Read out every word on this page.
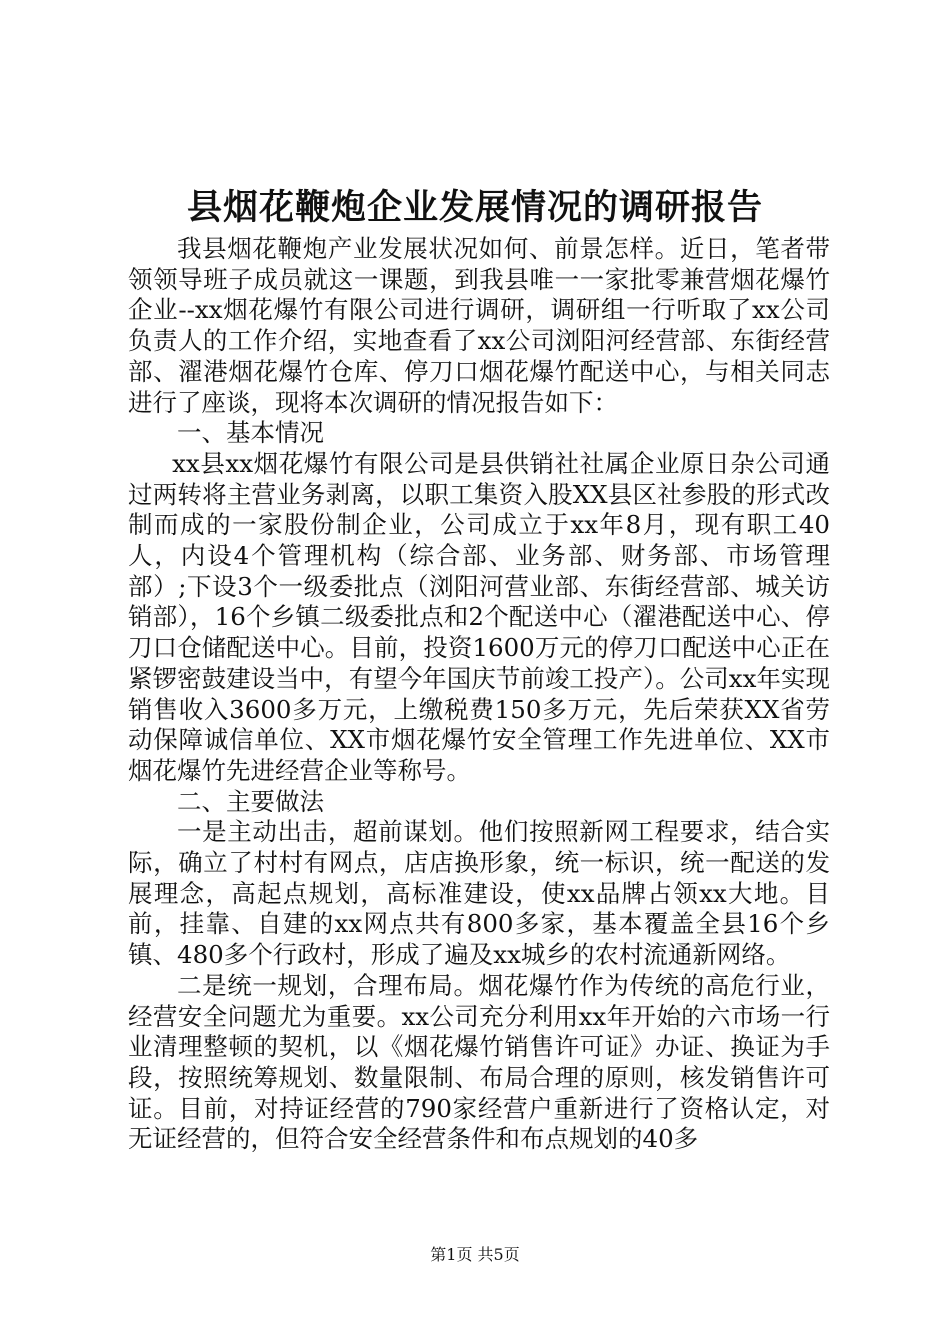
县烟花鞭炮企业发展情况的调研报告

我县烟花鞭炮产业发展状况如何、前景怎样。近日，笔者带领领导班子成员就这一课题，到我县唯一一家批零兼营烟花爆竹企业--xx烟花爆竹有限公司进行调研，调研组一行听取了xx公司负责人的工作介绍，实地查看了xx公司浏阳河经营部、东街经营部、濯港烟花爆竹仓库、停刀口烟花爆竹配送中心，与相关同志进行了座谈，现将本次调研的情况报告如下：

一、基本情况

xx县xx烟花爆竹有限公司是县供销社社属企业原日杂公司通过两转将主营业务剥离，以职工集资入股XX县区社参股的形式改制而成的一家股份制企业，公司成立于xx年8月，现有职工40人，内设4个管理机构（综合部、业务部、财务部、市场管理部）;下设3个一级委批点（浏阳河营业部、东街经营部、城关访销部），16个乡镇二级委批点和2个配送中心（濯港配送中心、停刀口仓储配送中心。目前，投资1600万元的停刀口配送中心正在紧锣密鼓建设当中，有望今年国庆节前竣工投产）。公司xx年实现销售收入3600多万元，上缴税费150多万元，先后荣获XX省劳动保障诚信单位、XX市烟花爆竹安全管理工作先进单位、XX市烟花爆竹先进经营企业等称号。

二、主要做法

一是主动出击，超前谋划。他们按照新网工程要求，结合实际，确立了村村有网点，店店换形象，统一标识，统一配送的发展理念，高起点规划，高标准建设，使xx品牌占领xx大地。目前，挂靠、自建的xx网点共有800多家，基本覆盖全县16个乡镇、480多个行政村，形成了遍及xx城乡的农村流通新网络。

二是统一规划，合理布局。烟花爆竹作为传统的高危行业，经营安全问题尤为重要。xx公司充分利用xx年开始的六市场一行业清理整顿的契机，以《烟花爆竹销售许可证》办证、换证为手段，按照统筹规划、数量限制、布局合理的原则，核发销售许可证。目前，对持证经营的790家经营户重新进行了资格认定，对无证经营的，但符合安全经营条件和布点规划的40多

第1页 共5页
